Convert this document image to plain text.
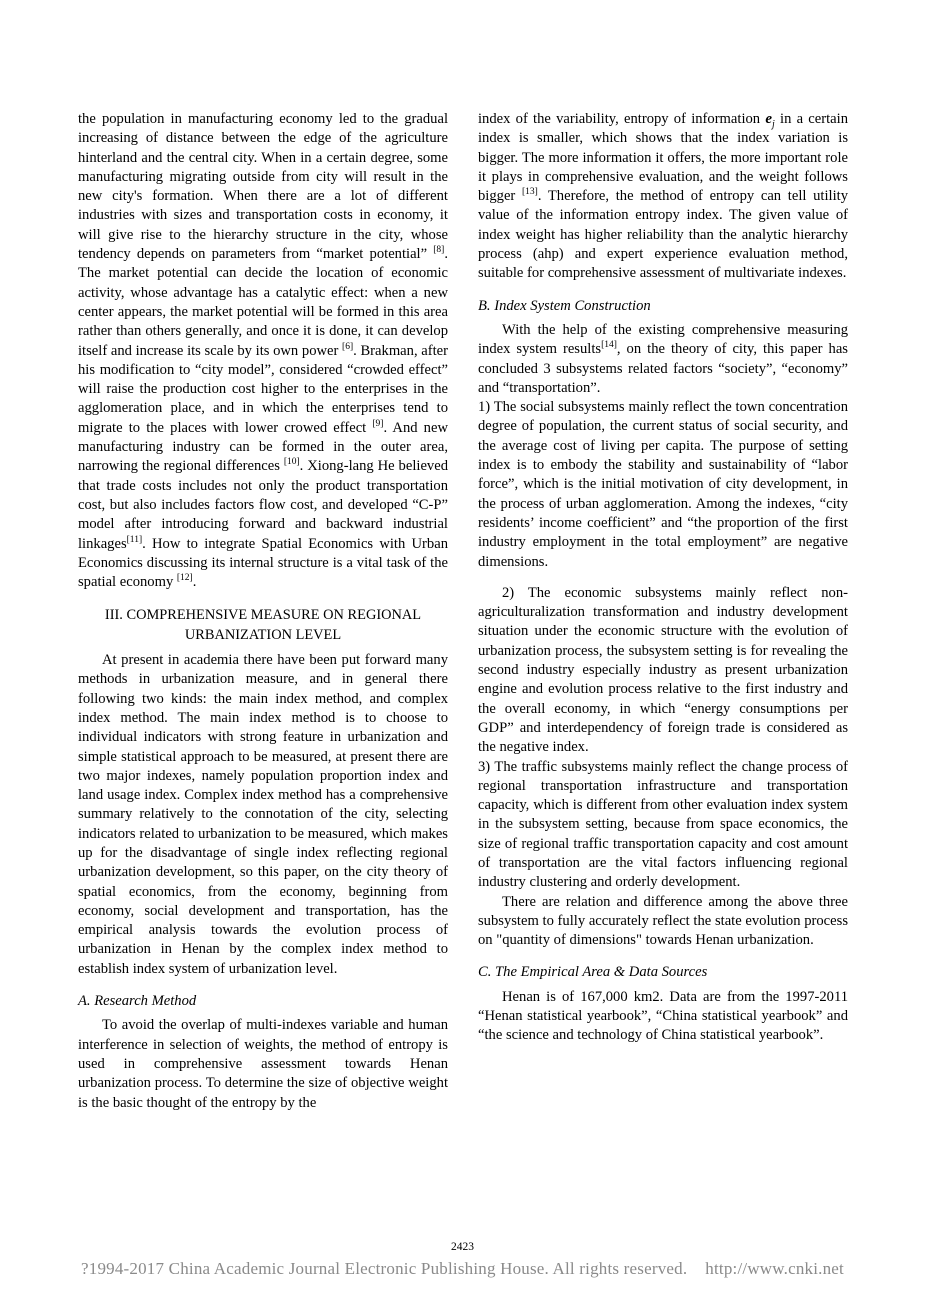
the population in manufacturing economy led to the gradual increasing of distance between the edge of the agriculture hinterland and the central city. When in a certain degree, some manufacturing migrating outside from city will result in the new city's formation. When there are a lot of different industries with sizes and transportation costs in economy, it will give rise to the hierarchy structure in the city, whose tendency depends on parameters from “market potential” [8]. The market potential can decide the location of economic activity, whose advantage has a catalytic effect: when a new center appears, the market potential will be formed in this area rather than others generally, and once it is done, it can develop itself and increase its scale by its own power [6]. Brakman, after his modification to “city model”, considered “crowded effect” will raise the production cost higher to the enterprises in the agglomeration place, and in which the enterprises tend to migrate to the places with lower crowed effect [9]. And new manufacturing industry can be formed in the outer area, narrowing the regional differences [10]. Xiong-lang He believed that trade costs includes not only the product transportation cost, but also includes factors flow cost, and developed “C-P” model after introducing forward and backward industrial linkages[11]. How to integrate Spatial Economics with Urban Economics discussing its internal structure is a vital task of the spatial economy [12].

III. COMPREHENSIVE MEASURE ON REGIONAL URBANIZATION LEVEL

At present in academia there have been put forward many methods in urbanization measure, and in general there following two kinds: the main index method, and complex index method. The main index method is to choose to individual indicators with strong feature in urbanization and simple statistical approach to be measured, at present there are two major indexes, namely population proportion index and land usage index. Complex index method has a comprehensive summary relatively to the connotation of the city, selecting indicators related to urbanization to be measured, which makes up for the disadvantage of single index reflecting regional urbanization development, so this paper, on the city theory of spatial economics, from the economy, beginning from economy, social development and transportation, has the empirical analysis towards the evolution process of urbanization in Henan by the complex index method to establish index system of urbanization level.

A. Research Method

To avoid the overlap of multi-indexes variable and human interference in selection of weights, the method of entropy is used in comprehensive assessment towards Henan urbanization process. To determine the size of objective weight is the basic thought of the entropy by the

index of the variability, entropy of information $e_j$ in a certain index is smaller, which shows that the index variation is bigger. The more information it offers, the more important role it plays in comprehensive evaluation, and the weight follows bigger [13]. Therefore, the method of entropy can tell utility value of the information entropy index. The given value of index weight has higher reliability than the analytic hierarchy process (ahp) and expert experience evaluation method, suitable for comprehensive assessment of multivariate indexes.

B. Index System Construction

With the help of the existing comprehensive measuring index system results[14], on the theory of city, this paper has concluded 3 subsystems related factors “society”, “economy” and “transportation”.

1) The social subsystems mainly reflect the town concentration degree of population, the current status of social security, and the average cost of living per capita. The purpose of setting index is to embody the stability and sustainability of “labor force”, which is the initial motivation of city development, in the process of urban agglomeration. Among the indexes, “city residents’ income coefficient” and “the proportion of the first industry employment in the total employment” are negative dimensions.

2) The economic subsystems mainly reflect non-agriculturalization transformation and industry development situation under the economic structure with the evolution of urbanization process, the subsystem setting is for revealing the second industry especially industry as present urbanization engine and evolution process relative to the first industry and the overall economy, in which “energy consumptions per GDP” and interdependency of foreign trade is considered as the negative index.

3) The traffic subsystems mainly reflect the change process of regional transportation infrastructure and transportation capacity, which is different from other evaluation index system in the subsystem setting, because from space economics, the size of regional traffic transportation capacity and cost amount of transportation are the vital factors influencing regional industry clustering and orderly development.

There are relation and difference among the above three subsystem to fully accurately reflect the state evolution process on "quantity of dimensions" towards Henan urbanization.

C. The Empirical Area & Data Sources

Henan is of 167,000 km2. Data are from the 1997-2011 “Henan statistical yearbook”, “China statistical yearbook” and “the science and technology of China statistical yearbook”.

2423
?1994-2017 China Academic Journal Electronic Publishing House. All rights reserved. http://www.cnki.net
